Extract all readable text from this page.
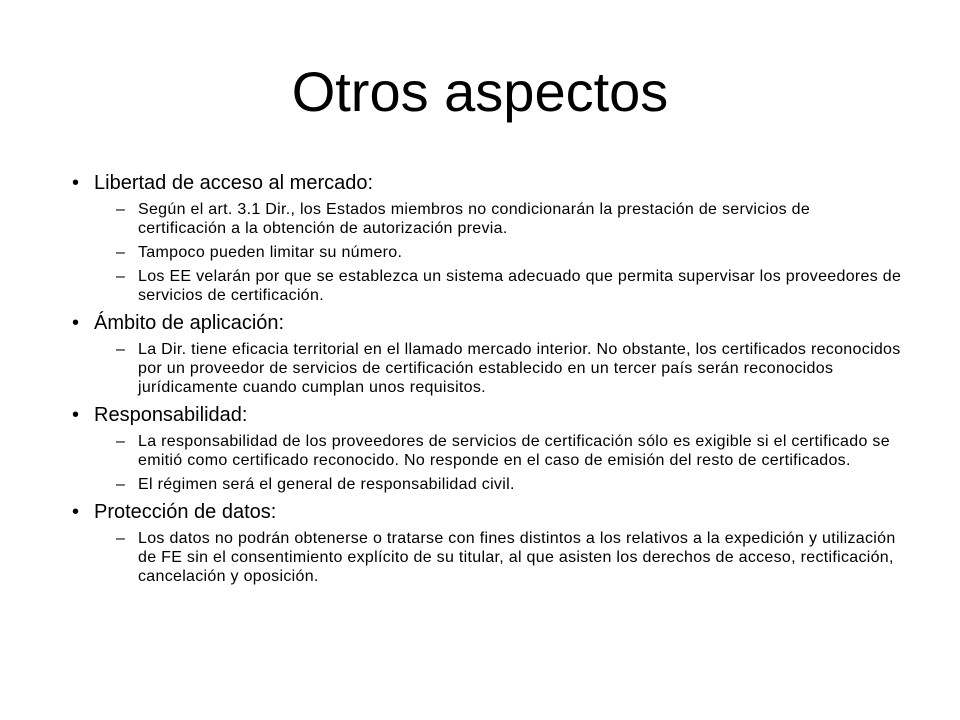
Otros aspectos
• Libertad de acceso al mercado:
– Según el art. 3.1 Dir., los Estados miembros no condicionarán la prestación de servicios de certificación a la obtención de autorización previa.
– Tampoco pueden limitar su número.
– Los EE velarán por que se establezca un sistema adecuado que permita supervisar los proveedores de servicios de certificación.
• Ámbito de aplicación:
– La Dir. tiene eficacia territorial en el llamado mercado interior. No obstante, los certificados reconocidos por un proveedor de servicios de certificación establecido en un tercer país serán reconocidos jurídicamente cuando cumplan unos requisitos.
• Responsabilidad:
– La responsabilidad de los proveedores de servicios de certificación sólo es exigible si el certificado se emitió como certificado reconocido. No responde en el caso de emisión del resto de certificados.
– El régimen será el general de responsabilidad civil.
• Protección de datos:
– Los datos no podrán obtenerse o tratarse con fines distintos a los relativos a la expedición y utilización de FE sin el consentimiento explícito de su titular, al que asisten los derechos de acceso, rectificación, cancelación y oposición.
